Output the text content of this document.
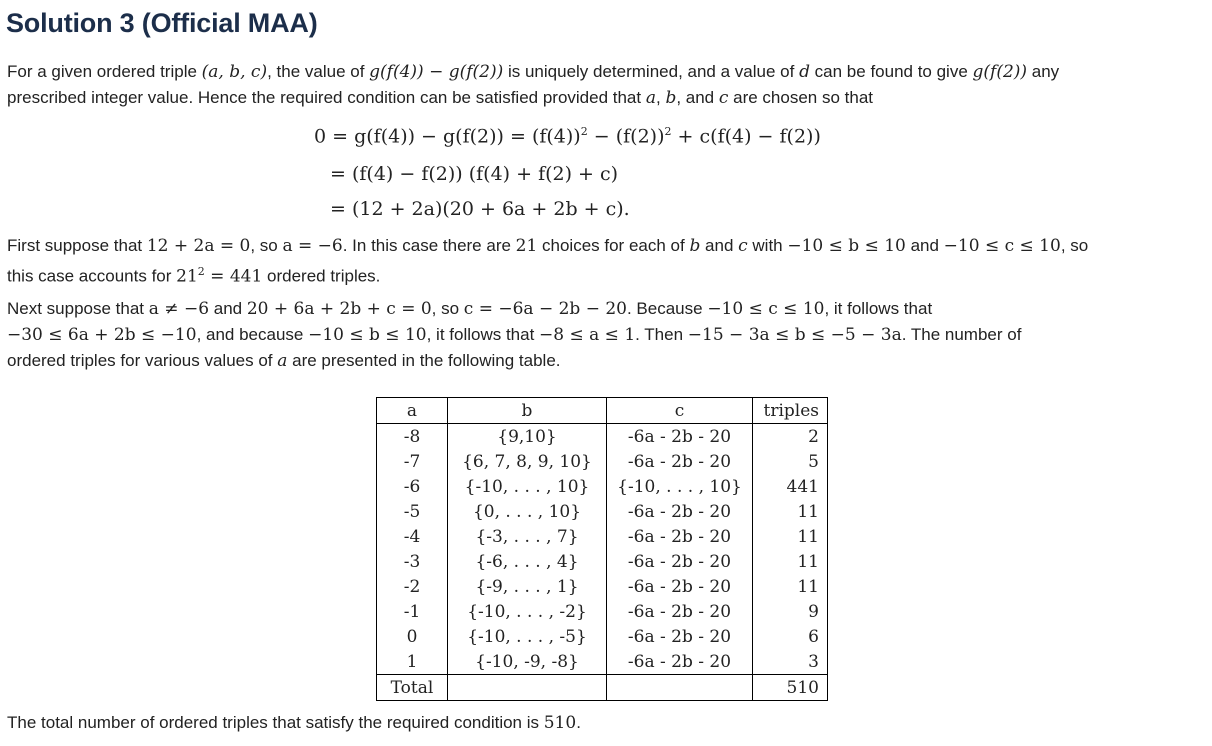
Solution 3 (Official MAA)
For a given ordered triple (a, b, c), the value of g(f(4)) − g(f(2)) is uniquely determined, and a value of d can be found to give g(f(2)) any
prescribed integer value. Hence the required condition can be satisfied provided that a, b, and c are chosen so that
$0 = g(f(4)) - g(f(2)) = (f(4))^2 - (f(2))^2 + c(f(4) - f(2))$
= (f(4) − f(2)) (f(4) + f(2) + c)
= (12 + 2a)(20 + 6a + 2b + c).
First suppose that 12 + 2a = 0, so a = −6. In this case there are 21 choices for each of b and c with −10 ≤ b ≤ 10 and −10 ≤ c ≤ 10, so
this case accounts for $21^2 = 441$ ordered triples.
Next suppose that a ≠ −6 and 20 + 6a + 2b + c = 0, so c = −6a − 2b − 20. Because −10 ≤ c ≤ 10, it follows that
−30 ≤ 6a + 2b ≤ −10, and because −10 ≤ b ≤ 10, it follows that −8 ≤ a ≤ 1. Then −15 − 3a ≤ b ≤ −5 − 3a. The number of
ordered triples for various values of a are presented in the following table.
a	b	c	triples
-8	{9,10}	-6a - 2b - 20	2
-7	{6, 7, 8, 9, 10}	-6a - 2b - 20	5
-6	{-10, . . . , 10}	{-10, . . . , 10}	441
-5	{0, . . . , 10}	-6a - 2b - 20	11
-4	{-3, . . . , 7}	-6a - 2b - 20	11
-3	{-6, . . . , 4}	-6a - 2b - 20	11
-2	{-9, . . . , 1}	-6a - 2b - 20	11
-1	{-10, . . . , -2}	-6a - 2b - 20	9
0	{-10, . . . , -5}	-6a - 2b - 20	6
1	{-10, -9, -8}	-6a - 2b - 20	3
Total			510
The total number of ordered triples that satisfy the required condition is 510.
